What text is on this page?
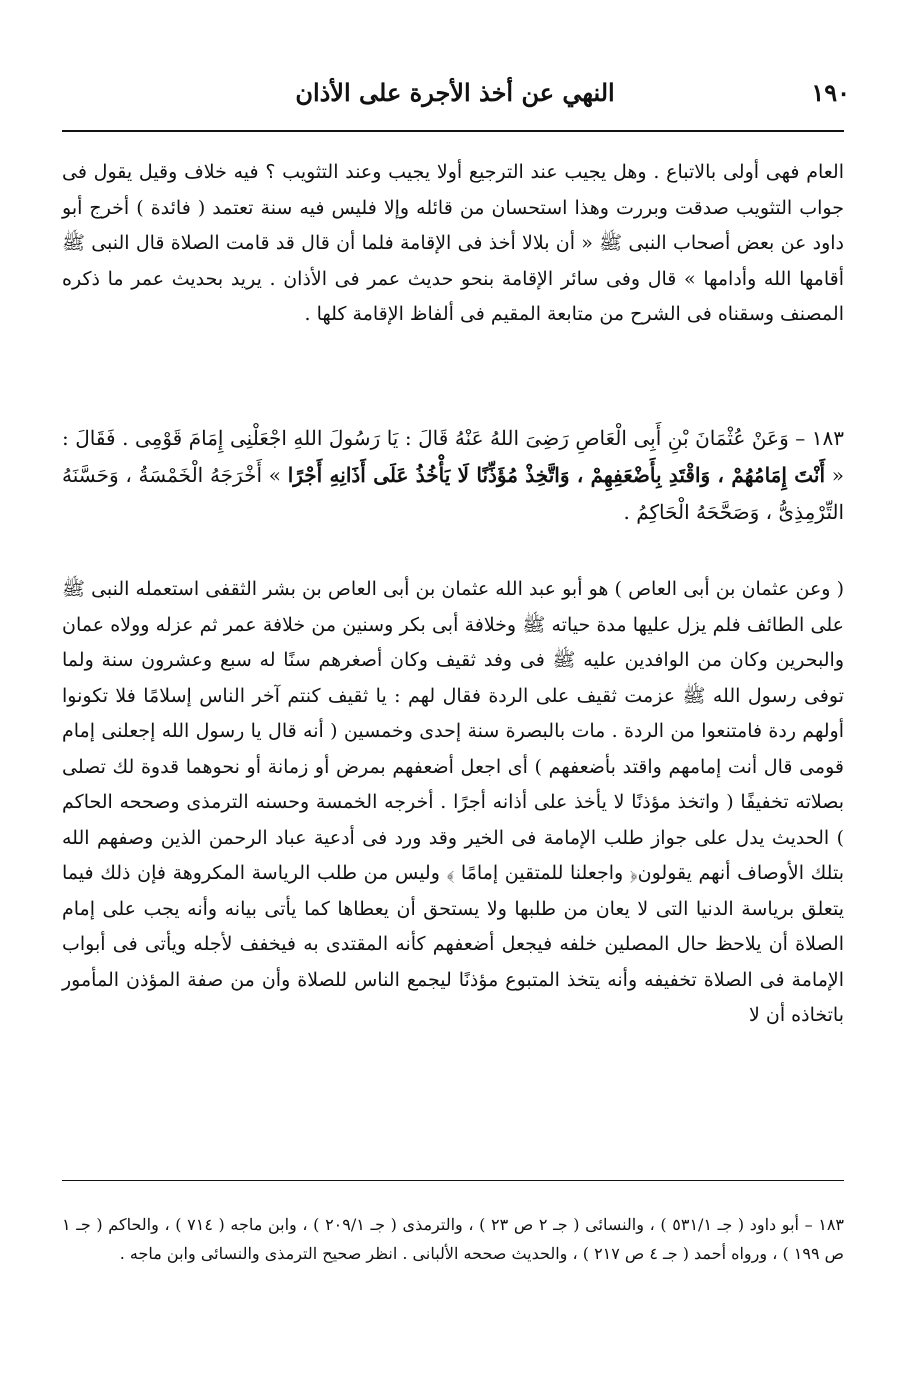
١٩٠
النهي عن أخذ الأجرة على الأذان

العام فهى أولى بالاتباع . وهل يجيب عند الترجيع أولا يجيب وعند التثويب ؟ فيه خلاف وقيل يقول فى جواب التثويب صدقت وبررت وهذا استحسان من قائله وإلا فليس فيه سنة تعتمد ( فائدة ) أخرج أبو داود عن بعض أصحاب النبى ﷺ « أن بلالا أخذ فى الإقامة فلما أن قال قد قامت الصلاة قال النبى ﷺ أقامها الله وأدامها » قال وفى سائر الإقامة بنحو حديث عمر فى الأذان . يريد بحديث عمر ما ذكره المصنف وسقناه فى الشرح من متابعة المقيم فى ألفاظ الإقامة كلها .

١٨٣ – وَعَنْ عُثْمَانَ بْنِ أَبِى الْعَاصِ رَضِىَ اللهُ عَنْهُ قَالَ : يَا رَسُولَ اللهِ اجْعَلْنِى إِمَامَ قَوْمِى . فَقَالَ : « أَنْتَ إِمَامُهُمْ ، وَاقْتَدِ بِأَضْعَفِهِمْ ، وَاتَّخِذْ مُؤَذِّنًا لَا يَأْخُذُ عَلَى أَذَانِهِ أَجْرًا » أَخْرَجَهُ الْخَمْسَةُ ، وَحَسَّنَهُ التِّرْمِذِىُّ ، وَصَحَّحَهُ الْحَاكِمُ .

( وعن عثمان بن أبى العاص ) هو أبو عبد الله عثمان بن أبى العاص بن بشر الثقفى استعمله النبى ﷺ على الطائف فلم يزل عليها مدة حياته ﷺ وخلافة أبى بكر وسنين من خلافة عمر ثم عزله وولاه عمان والبحرين وكان من الوافدين عليه ﷺ فى وفد ثقيف وكان أصغرهم سنًا له سبع وعشرون سنة ولما توفى رسول الله ﷺ عزمت ثقيف على الردة فقال لهم : يا ثقيف كنتم آخر الناس إسلامًا فلا تكونوا أولهم ردة فامتنعوا من الردة . مات بالبصرة سنة إحدى وخمسين ( أنه قال يا رسول الله إجعلنى إمام قومى قال أنت إمامهم واقتد بأضعفهم ) أى اجعل أضعفهم بمرض أو زمانة أو نحوهما قدوة لك تصلى بصلاته تخفيفًا ( واتخذ مؤذنًا لا يأخذ على أذانه أجرًا . أخرجه الخمسة وحسنه الترمذى وصححه الحاكم ) الحديث يدل على جواز طلب الإمامة فى الخير وقد ورد فى أدعية عباد الرحمن الذين وصفهم الله بتلك الأوصاف أنهم يقولون﴿ واجعلنا للمتقين إمامًا ﴾ وليس من طلب الرياسة المكروهة فإن ذلك فيما يتعلق برياسة الدنيا التى لا يعان من طلبها ولا يستحق أن يعطاها كما يأتى بيانه وأنه يجب على إمام الصلاة أن يلاحظ حال المصلين خلفه فيجعل أضعفهم كأنه المقتدى به فيخفف لأجله ويأتى فى أبواب الإمامة فى الصلاة تخفيفه وأنه يتخذ المتبوع مؤذنًا ليجمع الناس للصلاة وأن من صفة المؤذن المأمور باتخاذه أن لا

١٨٣ – أبو داود ( جـ ٥٣١/١ ) ، والنسائى ( جـ ٢ ص ٢٣ ) ، والترمذى ( جـ ٢٠٩/١ ) ، وابن ماجه ( ٧١٤ ) ، والحاكم ( جـ ١ ص ١٩٩ ) ، ورواه أحمد ( جـ ٤ ص ٢١٧ ) ، والحديث صححه الألبانى . انظر صحيح الترمذى والنسائى وابن ماجه .
